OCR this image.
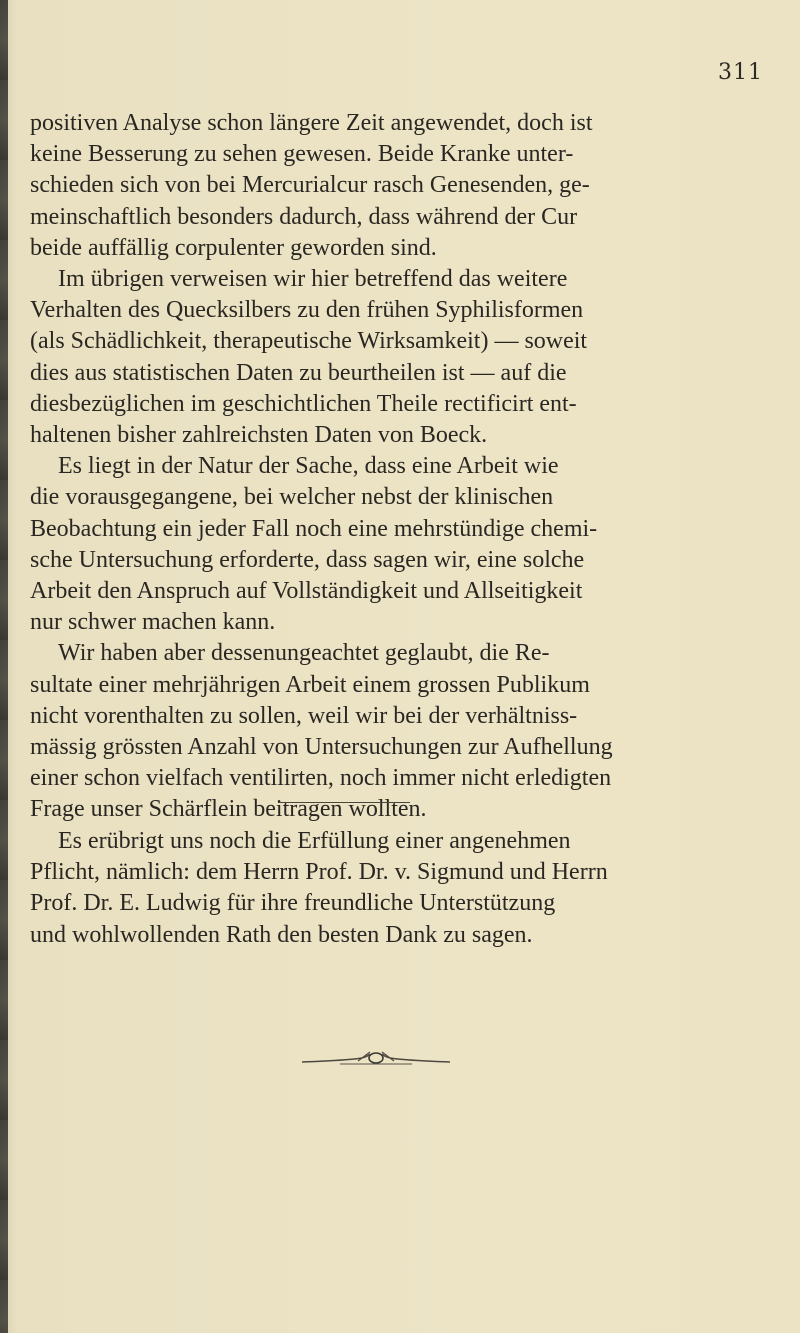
311
positiven Analyse schon längere Zeit angewendet, doch ist
keine Besserung zu sehen gewesen. Beide Kranke unter-
schieden sich von bei Mercurialcur rasch Genesenden, ge-
meinschaftlich besonders dadurch, dass während der Cur
beide auffällig corpulenter geworden sind.
Im übrigen verweisen wir hier betreffend das weitere
Verhalten des Quecksilbers zu den frühen Syphilisformen
(als Schädlichkeit, therapeutische Wirksamkeit) — soweit
dies aus statistischen Daten zu beurtheilen ist — auf die
diesbezüglichen im geschichtlichen Theile rectificirt ent-
haltenen bisher zahlreichsten Daten von Boeck.
Es liegt in der Natur der Sache, dass eine Arbeit wie
die vorausgegangene, bei welcher nebst der klinischen
Beobachtung ein jeder Fall noch eine mehrstündige chemi-
sche Untersuchung erforderte, dass sagen wir, eine solche
Arbeit den Anspruch auf Vollständigkeit und Allseitigkeit
nur schwer machen kann.
Wir haben aber dessenungeachtet geglaubt, die Re-
sultate einer mehrjährigen Arbeit einem grossen Publikum
nicht vorenthalten zu sollen, weil wir bei der verhältniss-
mässig grössten Anzahl von Untersuchungen zur Aufhellung
einer schon vielfach ventilirten, noch immer nicht erledigten
Frage unser Schärflein beitragen wollten.
Es erübrigt uns noch die Erfüllung einer angenehmen
Pflicht, nämlich: dem Herrn Prof. Dr. v. Sigmund und Herrn
Prof. Dr. E. Ludwig für ihre freundliche Unterstützung
und wohlwollenden Rath den besten Dank zu sagen.
